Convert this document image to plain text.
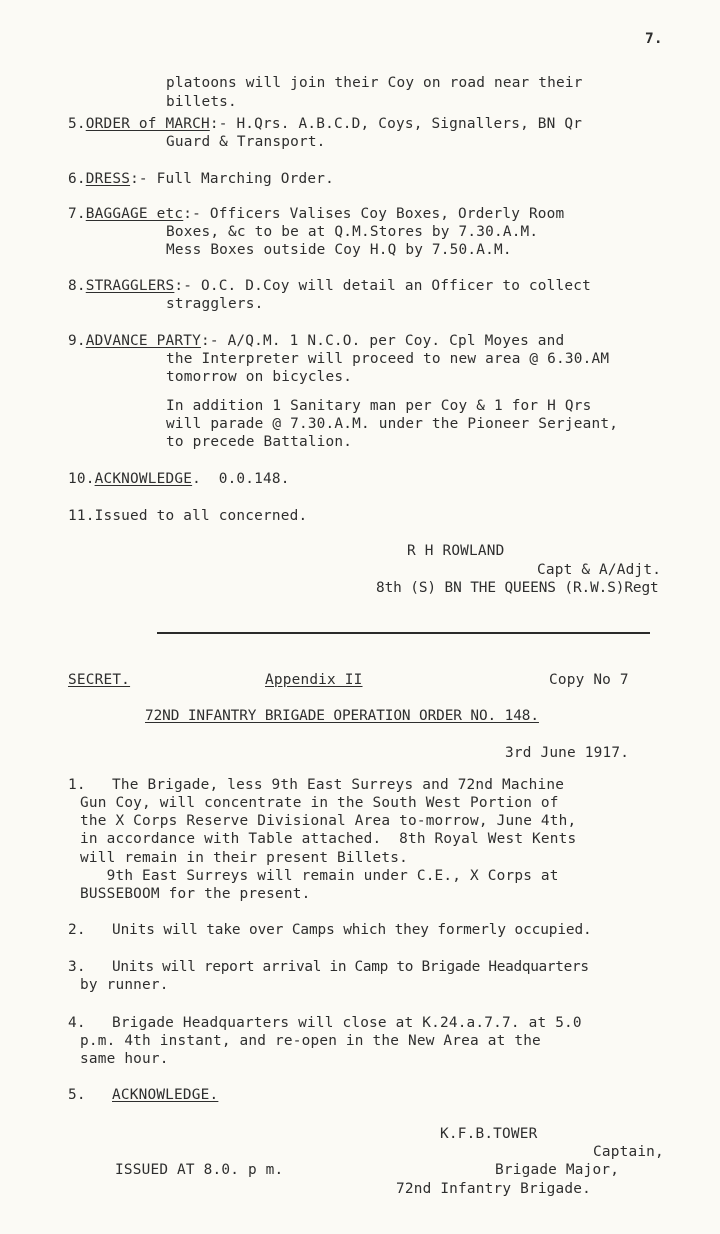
7.
platoons will join their Coy on road near their
billets.
5.ORDER of MARCH:- H.Qrs. A.B.C.D, Coys, Signallers, BN Qr
Guard & Transport.
6.DRESS:- Full Marching Order.
7.BAGGAGE etc:- Officers Valises Coy Boxes, Orderly Room
Boxes, &c to be at Q.M.Stores by 7.30.A.M.
Mess Boxes outside Coy H.Q by 7.50.A.M.
8.STRAGGLERS:- O.C. D.Coy will detail an Officer to collect
stragglers.
9.ADVANCE PARTY:- A/Q.M. 1 N.C.O. per Coy. Cpl Moyes and
the Interpreter will proceed to new area @ 6.30.AM
tomorrow on bicycles.
In addition 1 Sanitary man per Coy & 1 for H Qrs
will parade @ 7.30.A.M. under the Pioneer Serjeant,
to precede Battalion.
10.ACKNOWLEDGE.  0.0.148.
11.Issued to all concerned.
R H ROWLAND
Capt & A/Adjt.
8th (S) BN THE QUEENS (R.W.S)Regt
SECRET.	Appendix II	Copy No 7
72ND INFANTRY BRIGADE OPERATION ORDER NO. 148.
3rd June 1917.
1. The Brigade, less 9th East Surreys and 72nd Machine
Gun Coy, will concentrate in the South West Portion of
the X Corps Reserve Divisional Area to-morrow, June 4th,
in accordance with Table attached.  8th Royal West Kents
will remain in their present Billets.
9th East Surreys will remain under C.E., X Corps at
BUSSEBOOM for the present.
2. Units will take over Camps which they formerly occupied.
3. Units will report arrival in Camp to Brigade Headquarters
by runner.
4. Brigade Headquarters will close at K.24.a.7.7. at 5.0
p.m. 4th instant, and re-open in the New Area at the
same hour.
5. ACKNOWLEDGE.
K.F.B.TOWER
Captain,
ISSUED AT 8.0. p m.	Brigade Major,
72nd Infantry Brigade.
